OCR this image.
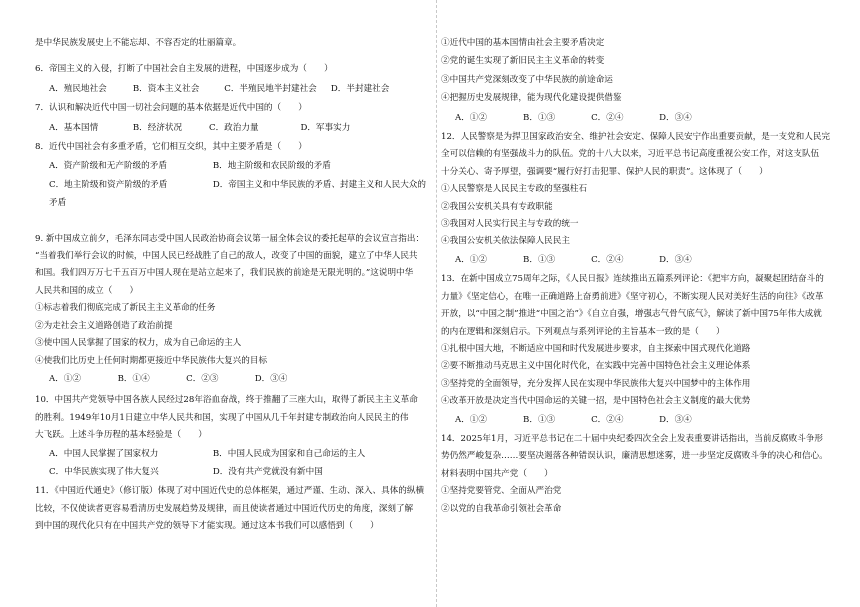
是中华民族发展史上不能忘却、不容否定的壮丽篇章。

6．帝国主义的入侵，打断了中国社会自主发展的进程，中国逐步成为（　　）

A．殖民地社会	B．资本主义社会	C．半殖民地半封建社会	D．半封建社会

7．认识和解决近代中国一切社会问题的基本依据是近代中国的（　　）

A．基本国情	B．经济状况	C．政治力量	D．军事实力

8．近代中国社会有多重矛盾，它们相互交织，其中主要矛盾是（　　）

A．资产阶级和无产阶级的矛盾	B．地主阶级和农民阶级的矛盾
C．地主阶级和资产阶级的矛盾	D．帝国主义和中华民族的矛盾、封建主义和人民大众的

矛盾

9. 新中国成立前夕，毛泽东同志受中国人民政治协商会议第一届全体会议的委托起草的会议宣言指出：

“当着我们举行会议的时候，中国人民已经战胜了自己的敌人，改变了中国的面貌，建立了中华人民共

和国。我们四万万七千五百万中国人现在是站立起来了，我们民族的前途是无限光明的。”这说明中华

人民共和国的成立（　　）

①标志着我们彻底完成了新民主主义革命的任务

②为走社会主义道路创造了政治前提

③使中国人民掌握了国家的权力，成为自己命运的主人

④使我们比历史上任何时期都更接近中华民族伟大复兴的目标

A．①②	B．①④	C．②③	D．③④

10．中国共产党领导中国各族人民经过28年浴血奋战，终于推翻了三座大山，取得了新民主主义革命

的胜利。1949年10月1日建立中华人民共和国，实现了中国从几千年封建专制政治向人民民主的伟

大飞跃。上述斗争历程的基本经验是（　　）

A．中国人民掌握了国家权力	B．中国人民成为国家和自己命运的主人
C．中华民族实现了伟大复兴	D．没有共产党就没有新中国

11．《中国近代通史》（修订版）体现了对中国近代史的总体框架，通过严谨、生动、深入、具体的纵横

比较，不仅使读者更容易看清历史发展趋势及规律，而且使读者通过中国近代历史的角度，深刻了解

到中国的现代化只有在中国共产党的领导下才能实现。通过这本书我们可以感悟到（　　）

①近代中国的基本国情由社会主要矛盾决定

②党的诞生实现了新旧民主主义革命的转变

③中国共产党深刻改变了中华民族的前途命运

④把握历史发展规律，能为现代化建设提供借鉴

A．①②	B．①③	C．②④	D．③④

12．人民警察是为捍卫国家政治安全、维护社会安定、保障人民安宁作出重要贡献，是一支党和人民完

全可以信赖的有坚强战斗力的队伍。党的十八大以来，习近平总书记高度重视公安工作，对这支队伍

十分关心、寄予厚望，强调要“履行好打击犯罪、保护人民的职责”。这体现了（　　）

①人民警察是人民民主专政的坚强柱石

②我国公安机关具有专政职能

③我国对人民实行民主与专政的统一

④我国公安机关依法保障人民民主

A．①②	B．①③	C．②④	D．③④

13．在新中国成立75周年之际，《人民日报》连续推出五篇系列评论：《把牢方向，凝聚起团结奋斗的

力量》《坚定信心，在唯一正确道路上奋勇前进》《坚守初心，不断实现人民对美好生活的向往》《改革

开放，以“中国之制”推进“中国之治”》《自立自强，增强志气骨气底气》，解读了新中国75年伟大成就

的内在逻辑和深刻启示。下列观点与系列评论的主旨基本一致的是（　　）

①扎根中国大地，不断适应中国和时代发展进步要求，自主探索中国式现代化道路

②要不断推动马克思主义中国化时代化，在实践中完善中国特色社会主义理论体系

③坚持党的全面领导，充分发挥人民在实现中华民族伟大复兴中国梦中的主体作用

④改革开放是决定当代中国命运的关键一招，是中国特色社会主义制度的最大优势

A．①②	B．①③	C．②④	D．③④

14．2025年1月，习近平总书记在二十届中央纪委四次全会上发表重要讲话指出，当前反腐败斗争形

势仍然严峻复杂……要坚决遏落各种错误认识，廉清思想迷雾，进一步坚定反腐败斗争的决心和信心。

材料表明中国共产党（　　）

①坚持党要管党、全面从严治党

②以党的自我革命引领社会革命
